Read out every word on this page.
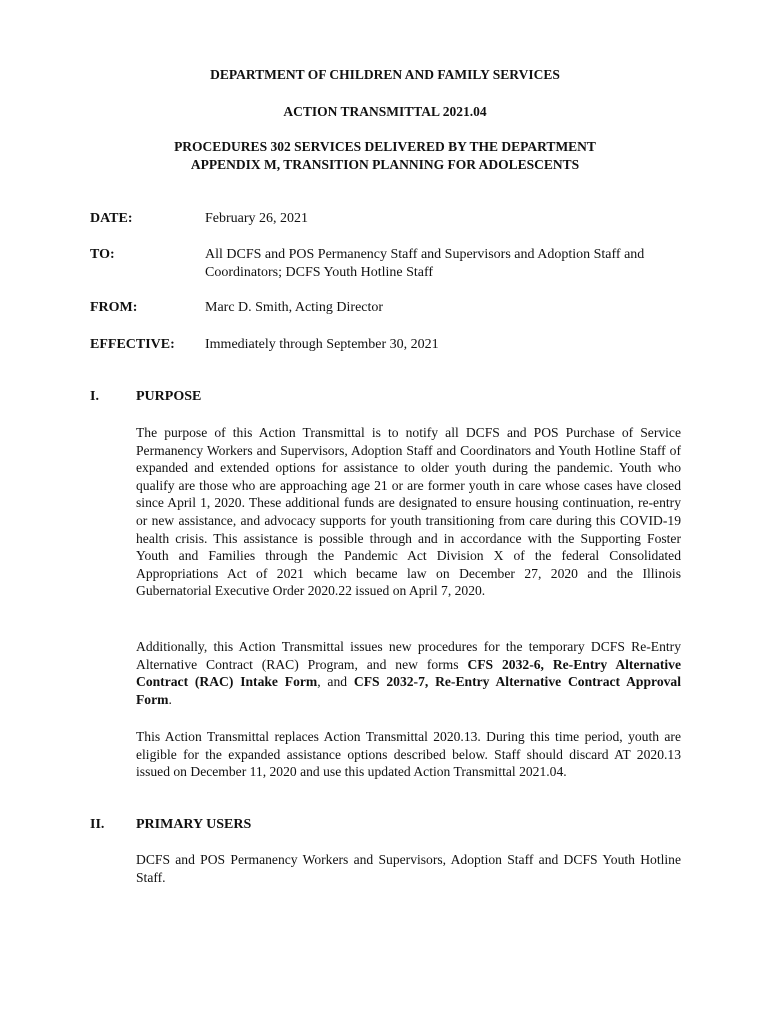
DEPARTMENT OF CHILDREN AND FAMILY SERVICES
ACTION TRANSMITTAL 2021.04
PROCEDURES 302 SERVICES DELIVERED BY THE DEPARTMENT
APPENDIX M, TRANSITION PLANNING FOR ADOLESCENTS
DATE:	February 26, 2021
TO:	All DCFS and POS Permanency Staff and Supervisors and Adoption Staff and Coordinators; DCFS Youth Hotline Staff
FROM:	Marc D. Smith, Acting Director
EFFECTIVE: Immediately through September 30, 2021
I.	PURPOSE

The purpose of this Action Transmittal is to notify all DCFS and POS Purchase of Service Permanency Workers and Supervisors, Adoption Staff and Coordinators and Youth Hotline Staff of expanded and extended options for assistance to older youth during the pandemic. Youth who qualify are those who are approaching age 21 or are former youth in care whose cases have closed since April 1, 2020. These additional funds are designated to ensure housing continuation, re-entry or new assistance, and advocacy supports for youth transitioning from care during this COVID-19 health crisis. This assistance is possible through and in accordance with the Supporting Foster Youth and Families through the Pandemic Act Division X of the federal Consolidated Appropriations Act of 2021 which became law on December 27, 2020 and the Illinois Gubernatorial Executive Order 2020.22 issued on April 7, 2020.

Additionally, this Action Transmittal issues new procedures for the temporary DCFS Re-Entry Alternative Contract (RAC) Program, and new forms CFS 2032-6, Re-Entry Alternative Contract (RAC) Intake Form, and CFS 2032-7, Re-Entry Alternative Contract Approval Form.

This Action Transmittal replaces Action Transmittal 2020.13. During this time period, youth are eligible for the expanded assistance options described below. Staff should discard AT 2020.13 issued on December 11, 2020 and use this updated Action Transmittal 2021.04.

II. PRIMARY USERS

DCFS and POS Permanency Workers and Supervisors, Adoption Staff and DCFS Youth Hotline Staff.
